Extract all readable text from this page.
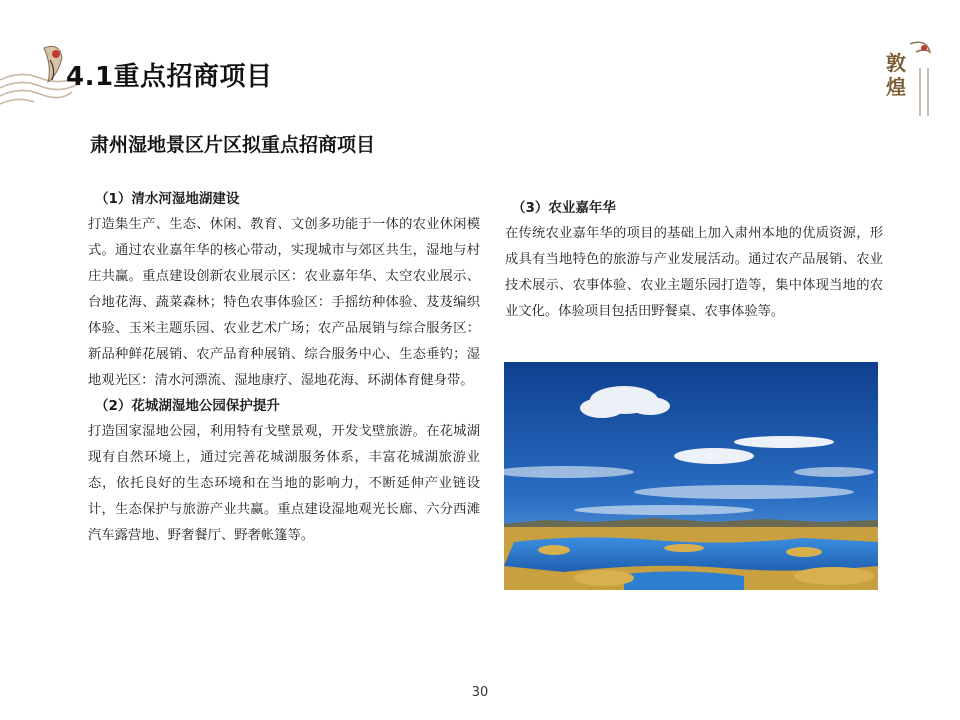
4.1重点招商项目	敦
煌
肃州湿地景区片区拟重点招商项目

（1）清水河湿地湖建设

打造集生产、生态、休闲、教育、文创多功能于一体的农业休闲模式。通过农业嘉年华的核心带动，实现城市与郊区共生，湿地与村庄共赢。重点建设创新农业展示区：农业嘉年华、太空农业展示、台地花海、蔬菜森林；特色农事体验区：手摇纺种体验、芨芨编织体验、玉米主题乐园、农业艺术广场；农产品展销与综合服务区：新品种鲜花展销、农产品育种展销、综合服务中心、生态垂钓；湿地观光区：清水河漂流、湿地康疗、湿地花海、环湖体育健身带。

（2）花城湖湿地公园保护提升

打造国家湿地公园，利用特有戈壁景观，开发戈壁旅游。在花城湖现有自然环境上，通过完善花城湖服务体系，丰富花城湖旅游业态，依托良好的生态环境和在当地的影响力，不断延伸产业链设计，生态保护与旅游产业共赢。重点建设湿地观光长廊、六分西滩汽车露营地、野奢餐厅、野奢帐篷等。

（3）农业嘉年华

在传统农业嘉年华的项目的基础上加入肃州本地的优质资源，形成具有当地特色的旅游与产业发展活动。通过农产品展销、农业技术展示、农事体验、农业主题乐园打造等，集中体现当地的农业文化。体验项目包括田野餐桌、农事体验等。

30
